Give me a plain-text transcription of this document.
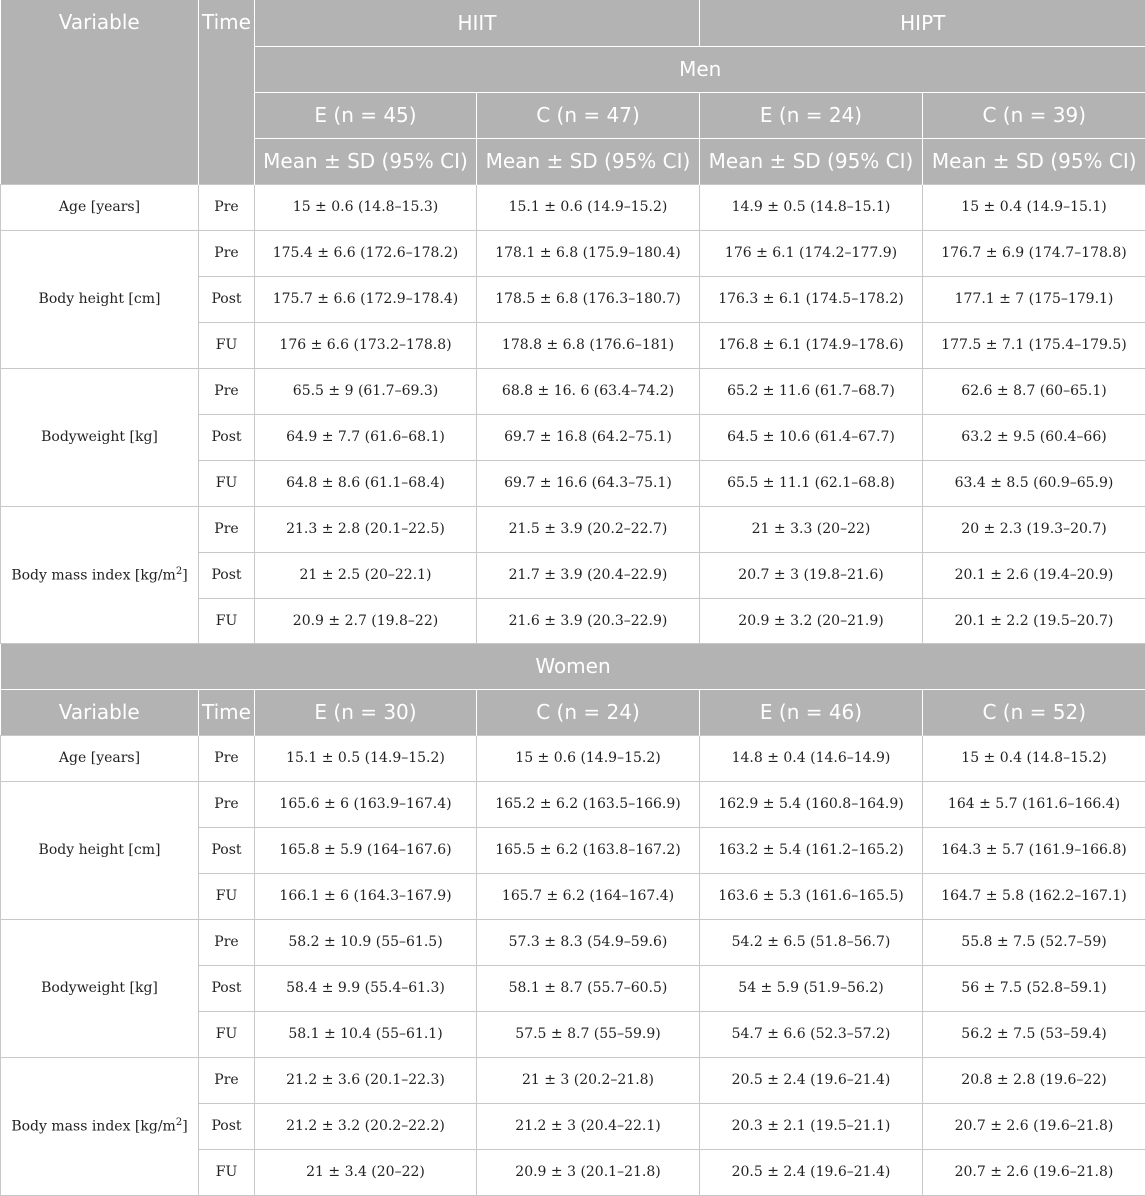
Variable	Time	HIIT		HIPT	
		Men			
		E (n = 45)	C (n = 47)	E (n = 24)	C (n = 39)
		Mean ± SD (95% CI)	Mean ± SD (95% CI)	Mean ± SD (95% CI)	Mean ± SD (95% CI)
Age [years]	Pre	15 ± 0.6 (14.8–15.3)	15.1 ± 0.6 (14.9–15.2)	14.9 ± 0.5 (14.8–15.1)	15 ± 0.4 (14.9–15.1)
Body height [cm]	Pre	175.4 ± 6.6 (172.6–178.2)	178.1 ± 6.8 (175.9–180.4)	176 ± 6.1 (174.2–177.9)	176.7 ± 6.9 (174.7–178.8)
	Post	175.7 ± 6.6 (172.9–178.4)	178.5 ± 6.8 (176.3–180.7)	176.3 ± 6.1 (174.5–178.2)	177.1 ± 7 (175–179.1)
	FU	176 ± 6.6 (173.2–178.8)	178.8 ± 6.8 (176.6–181)	176.8 ± 6.1 (174.9–178.6)	177.5 ± 7.1 (175.4–179.5)
Bodyweight [kg]	Pre	65.5 ± 9 (61.7–69.3)	68.8 ± 16. 6 (63.4–74.2)	65.2 ± 11.6 (61.7–68.7)	62.6 ± 8.7 (60–65.1)
	Post	64.9 ± 7.7 (61.6–68.1)	69.7 ± 16.8 (64.2–75.1)	64.5 ± 10.6 (61.4–67.7)	63.2 ± 9.5 (60.4–66)
	FU	64.8 ± 8.6 (61.1–68.4)	69.7 ± 16.6 (64.3–75.1)	65.5 ± 11.1 (62.1–68.8)	63.4 ± 8.5 (60.9–65.9)
Body mass index $[kg/m^2]$	Pre	21.3 ± 2.8 (20.1–22.5)	21.5 ± 3.9 (20.2–22.7)	21 ± 3.3 (20–22)	20 ± 2.3 (19.3–20.7)
	Post	21 ± 2.5 (20–22.1)	21.7 ± 3.9 (20.4–22.9)	20.7 ± 3 (19.8–21.6)	20.1 ± 2.6 (19.4–20.9)
	FU	20.9 ± 2.7 (19.8–22)	21.6 ± 3.9 (20.3–22.9)	20.9 ± 3.2 (20–21.9)	20.1 ± 2.2 (19.5–20.7)
Women					
Variable	Time	E (n = 30)	C (n = 24)	E (n = 46)	C (n = 52)
Age [years]	Pre	15.1 ± 0.5 (14.9–15.2)	15 ± 0.6 (14.9–15.2)	14.8 ± 0.4 (14.6–14.9)	15 ± 0.4 (14.8–15.2)
Body height [cm]	Pre	165.6 ± 6 (163.9–167.4)	165.2 ± 6.2 (163.5–166.9)	162.9 ± 5.4 (160.8–164.9)	164 ± 5.7 (161.6–166.4)
	Post	165.8 ± 5.9 (164–167.6)	165.5 ± 6.2 (163.8–167.2)	163.2 ± 5.4 (161.2–165.2)	164.3 ± 5.7 (161.9–166.8)
	FU	166.1 ± 6 (164.3–167.9)	165.7 ± 6.2 (164–167.4)	163.6 ± 5.3 (161.6–165.5)	164.7 ± 5.8 (162.2–167.1)
Bodyweight [kg]	Pre	58.2 ± 10.9 (55–61.5)	57.3 ± 8.3 (54.9–59.6)	54.2 ± 6.5 (51.8–56.7)	55.8 ± 7.5 (52.7–59)
	Post	58.4 ± 9.9 (55.4–61.3)	58.1 ± 8.7 (55.7–60.5)	54 ± 5.9 (51.9–56.2)	56 ± 7.5 (52.8–59.1)
	FU	58.1 ± 10.4 (55–61.1)	57.5 ± 8.7 (55–59.9)	54.7 ± 6.6 (52.3–57.2)	56.2 ± 7.5 (53–59.4)
Body mass index $[kg/m^2]$	Pre	21.2 ± 3.6 (20.1–22.3)	21 ± 3 (20.2–21.8)	20.5 ± 2.4 (19.6–21.4)	20.8 ± 2.8 (19.6–22)
	Post	21.2 ± 3.2 (20.2–22.2)	21.2 ± 3 (20.4–22.1)	20.3 ± 2.1 (19.5–21.1)	20.7 ± 2.6 (19.6–21.8)
	FU	21 ± 3.4 (20–22)	20.9 ± 3 (20.1–21.8)	20.5 ± 2.4 (19.6–21.4)	20.7 ± 2.6 (19.6–21.8)
